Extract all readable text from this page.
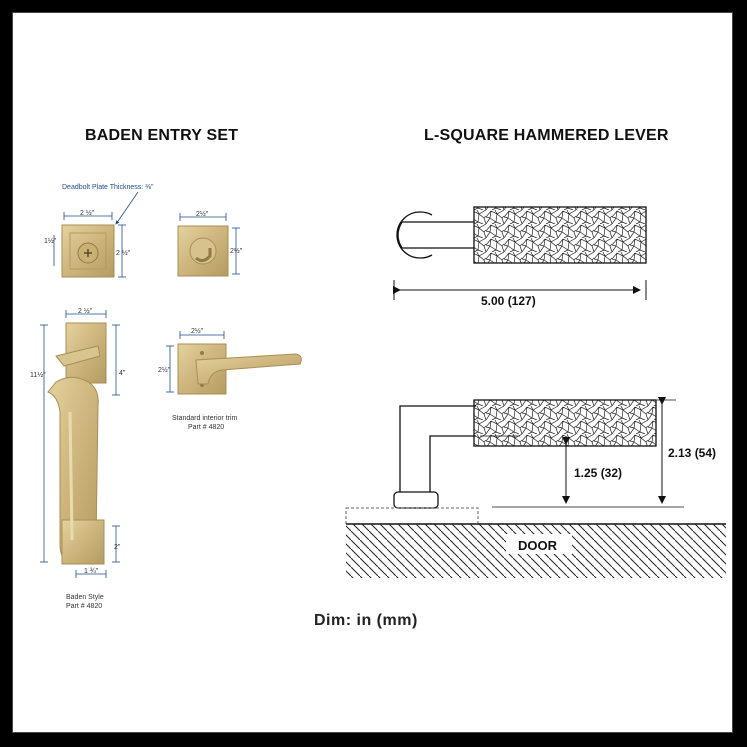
BADEN ENTRY SET	L-SQUARE HAMMERED LEVER
Deadbolt Plate Thickness: ⅜"
2 ½"
1½"
2 ½"
2½"
2½"
2½"
2½"
Standard interior trim
Part # 4820
2 ½"
11½"	4"
2"
1 ¾"
Baden Style
Part # 4820
5.00 (127)
1.25 (32)
2.13 (54)
DOOR
Dim: in (mm)
